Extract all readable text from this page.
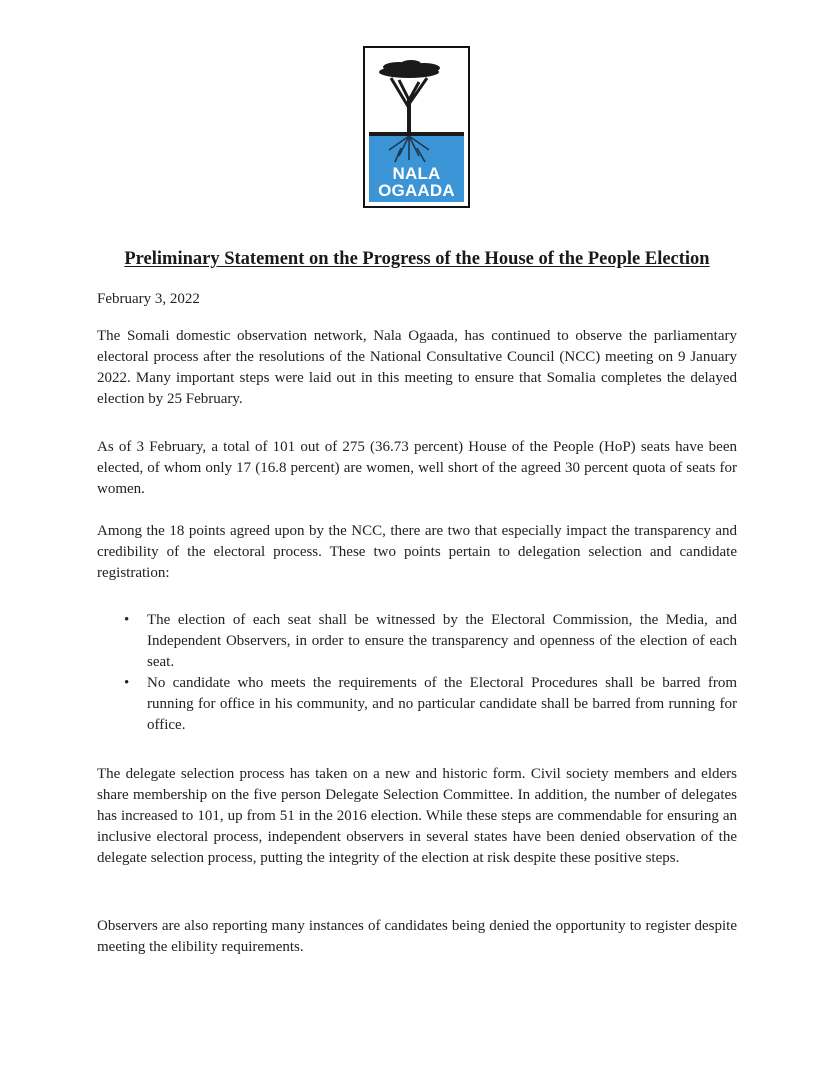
NALA
OGAADA
Preliminary Statement on the Progress of the House of the People Election

February 3, 2022

The Somali domestic observation network, Nala Ogaada, has continued to observe the parliamentary electoral process after the resolutions of the National Consultative Council (NCC) meeting on 9 January 2022. Many important steps were laid out in this meeting to ensure that Somalia completes the delayed election by 25 February.

As of 3 February, a total of 101 out of 275 (36.73 percent) House of the People (HoP) seats have been elected, of whom only 17 (16.8 percent) are women, well short of the agreed 30 percent quota of seats for women.

Among the 18 points agreed upon by the NCC, there are two that especially impact the transparency and credibility of the electoral process. These two points pertain to delegation selection and candidate registration:

• The election of each seat shall be witnessed by the Electoral Commission, the Media, and Independent Observers, in order to ensure the transparency and openness of the election of each seat.
• No candidate who meets the requirements of the Electoral Procedures shall be barred from running for office in his community, and no particular candidate shall be barred from running for office.

The delegate selection process has taken on a new and historic form. Civil society members and elders share membership on the five person Delegate Selection Committee. In addition, the number of delegates has increased to 101, up from 51 in the 2016 election. While these steps are commendable for ensuring an inclusive electoral process, independent observers in several states have been denied observation of the delegate selection process, putting the integrity of the election at risk despite these positive steps.

Observers are also reporting many instances of candidates being denied the opportunity to register despite meeting the elibility requirements.
